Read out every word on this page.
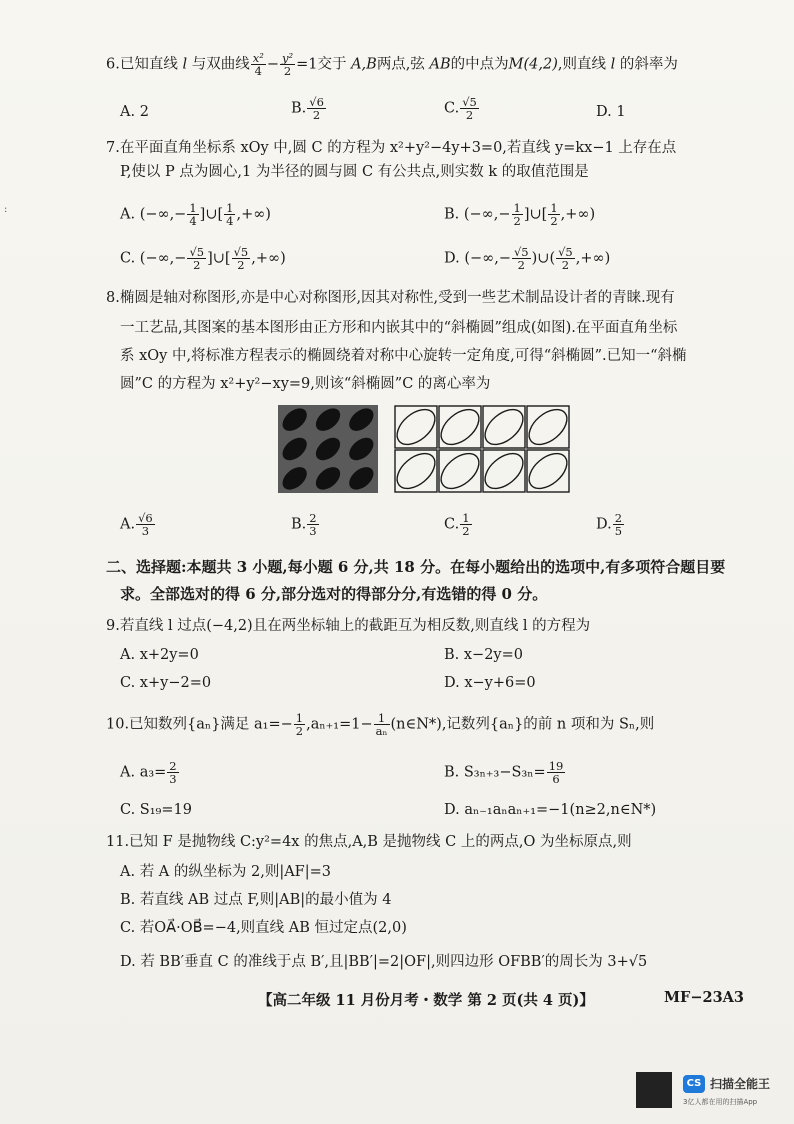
:
6.已知直线 l 与双曲线 $\frac{\text{x²}}{4} - \frac{\text{y²}}{2} =1$交于 A,B两点,弦 AB的中点为M(4,2),则直线 l 的斜率为
A. 2	B. $\frac{√6}{2}$	C. $\frac{√5}{2}$	D. 1
7.在平面直角坐标系 xOy 中,圆 C 的方程为 x²+y²−4y+3=0,若直线 y=kx−1 上存在点
P,使以 P 点为圆心,1 为半径的圆与圆 C 有公共点,则实数 k 的取值范围是
A. (−∞,− $\frac{1}{4}$ ]∪[ $\frac{1}{4}$ ,+∞)	B. (−∞,− $\frac{1}{2}$ ]∪[ $\frac{1}{2}$ ,+∞)
C. (−∞,− $\frac{√5}{2}$ ]∪[ $\frac{√5}{2}$ ,+∞)	D. (−∞,− $\frac{√5}{2}$ )∪( $\frac{√5}{2}$ ,+∞)
8.椭圆是轴对称图形,亦是中心对称图形,因其对称性,受到一些艺术制品设计者的青睐.现有
一工艺品,其图案的基本图形由正方形和内嵌其中的“斜椭圆”组成(如图).在平面直角坐标
系 xOy 中,将标准方程表示的椭圆绕着对称中心旋转一定角度,可得“斜椭圆”.已知一“斜椭
圆”C 的方程为 x²+y²−xy=9,则该“斜椭圆”C 的离心率为
A. $\frac{√6}{3}$	B. $\frac{2}{3}$	C. $\frac{1}{2}$	D. $\frac{2}{5}$
二、选择题:本题共 3 小题,每小题 6 分,共 18 分。在每小题给出的选项中,有多项符合题目要
求。全部选对的得 6 分,部分选对的得部分分,有选错的得 0 分。
9.若直线 l 过点(−4,2)且在两坐标轴上的截距互为相反数,则直线 l 的方程为
A. x+2y=0	B. x−2y=0
C. x+y−2=0	D. x−y+6=0
10.已知数列{aₙ}满足 $a_1=- \frac{1}{2} ,a_{n+1}=1- \frac{1}{\text{aₙ}}$ (n∈N*),记数列{aₙ}的前 n 项和为 Sₙ,则
A. $a_3= \frac{2}{3}$	B. $S_{3n+3}-S_{3n}= \frac{19}{6}$
C. S₁₉=19	D. aₙ₋₁aₙaₙ₊₁=−1(n≥2,n∈N*)
11.已知 F 是抛物线 C:y²=4x 的焦点,A,B 是抛物线 C 上的两点,O 为坐标原点,则
A. 若 A 的纵坐标为 2,则|AF|=3
B. 若直线 AB 过点 F,则|AB|的最小值为 4
C. 若OA⃗·OB⃗=−4,则直线 AB 恒过定点(2,0)
D. 若 BB′垂直 C 的准线于点 B′,且|BB′|=2|OF|,则四边形 OFBB′的周长为 3+√5
【高二年级 11 月份月考・数学 第 2 页(共 4 页)】	MF−23A3
CS 扫描全能王
3亿人都在用的扫描App
